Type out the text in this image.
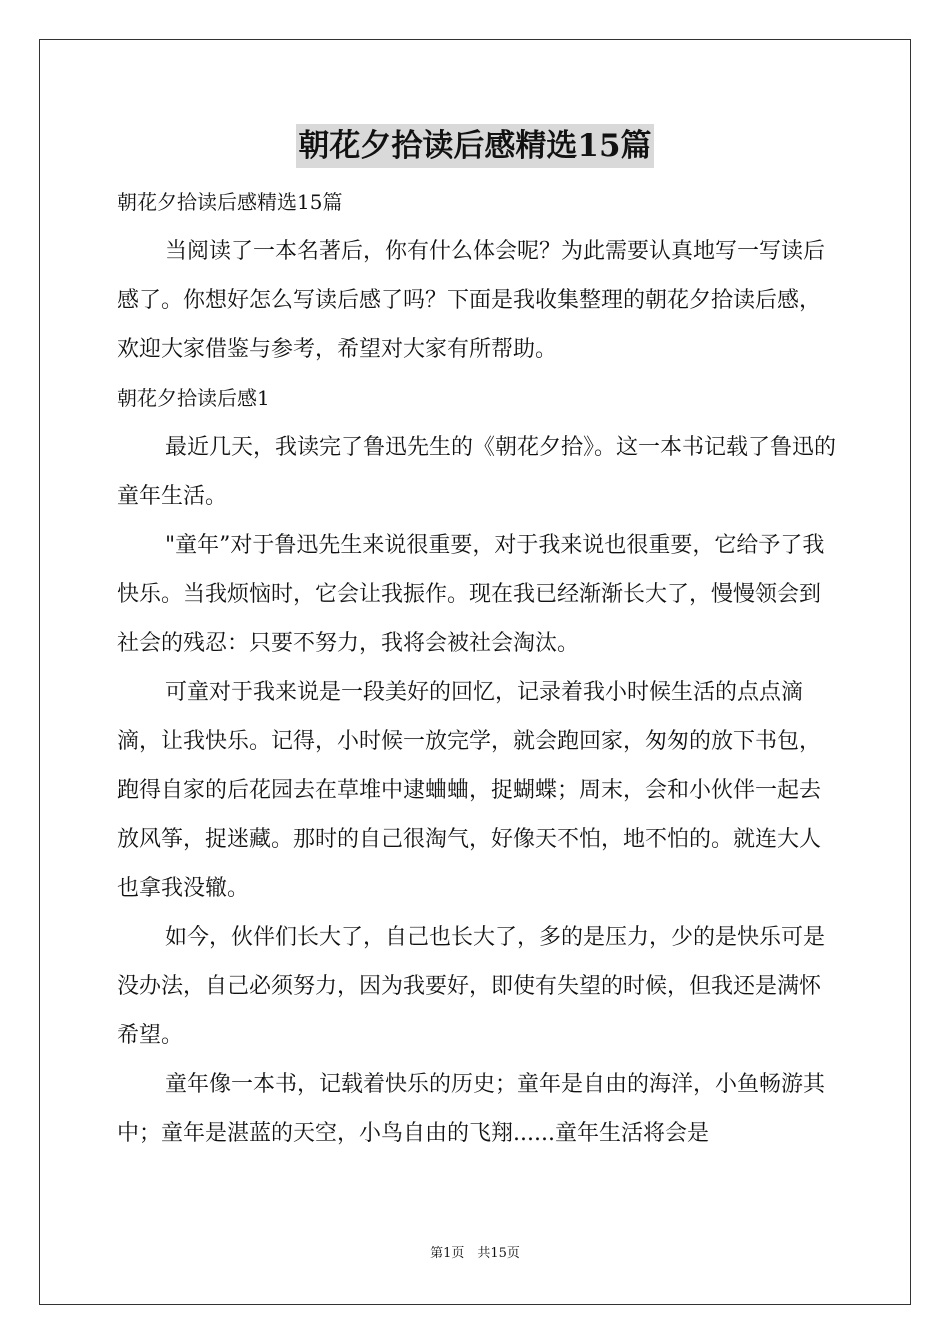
朝花夕拾读后感精选15篇

朝花夕拾读后感精选15篇

当阅读了一本名著后，你有什么体会呢？为此需要认真地写一写读后感了。你想好怎么写读后感了吗？下面是我收集整理的朝花夕拾读后感，欢迎大家借鉴与参考，希望对大家有所帮助。

朝花夕拾读后感1

最近几天，我读完了鲁迅先生的《朝花夕拾》。这一本书记载了鲁迅的童年生活。

"童年”对于鲁迅先生来说很重要，对于我来说也很重要，它给予了我快乐。当我烦恼时，它会让我振作。现在我已经渐渐长大了，慢慢领会到社会的残忍：只要不努力，我将会被社会淘汰。

可童对于我来说是一段美好的回忆，记录着我小时候生活的点点滴滴，让我快乐。记得，小时候一放完学，就会跑回家，匆匆的放下书包，跑得自家的后花园去在草堆中逮蛐蛐，捉蝴蝶；周末，会和小伙伴一起去放风筝，捉迷藏。那时的自己很淘气，好像天不怕，地不怕的。就连大人也拿我没辙。

如今，伙伴们长大了，自己也长大了，多的是压力，少的是快乐可是没办法，自己必须努力，因为我要好，即使有失望的时候，但我还是满怀希望。

童年像一本书，记载着快乐的历史；童年是自由的海洋，小鱼畅游其中；童年是湛蓝的天空，小鸟自由的飞翔......童年生活将会是

第1页　共15页
